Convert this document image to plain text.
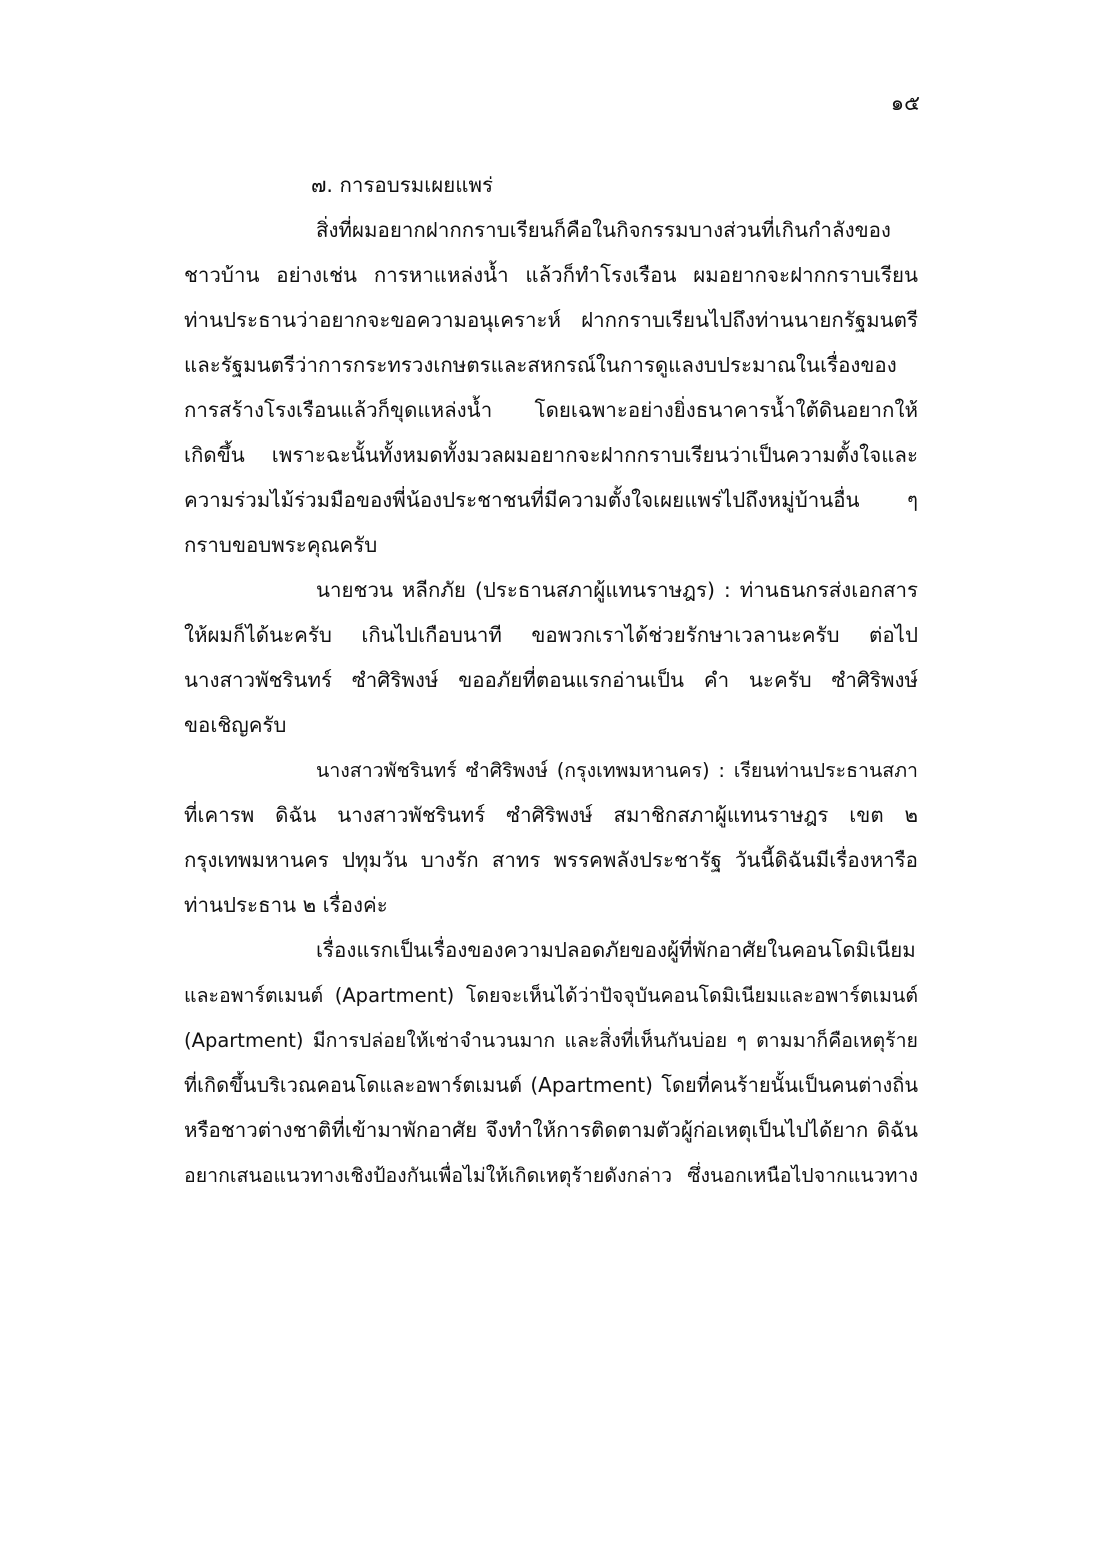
๑๕
๗. การอบรมเผยแพร่
สิ่งที่ผมอยากฝากกราบเรียนก็คือในกิจกรรมบางส่วนที่เกินกำลังของ
ชาวบ้าน อย่างเช่น การหาแหล่งน้ำ แล้วก็ทำโรงเรือน ผมอยากจะฝากกราบเรียน
ท่านประธานว่าอยากจะขอความอนุเคราะห์ ฝากกราบเรียนไปถึงท่านนายกรัฐมนตรี
และรัฐมนตรีว่าการกระทรวงเกษตรและสหกรณ์ในการดูแลงบประมาณในเรื่องของ
การสร้างโรงเรือนแล้วก็ขุดแหล่งน้ำ โดยเฉพาะอย่างยิ่งธนาคารน้ำใต้ดินอยากให้
เกิดขึ้น เพราะฉะนั้นทั้งหมดทั้งมวลผมอยากจะฝากกราบเรียนว่าเป็นความตั้งใจและ
ความร่วมไม้ร่วมมือของพี่น้องประชาชนที่มีความตั้งใจเผยแพร่ไปถึงหมู่บ้านอื่น ๆ
กราบขอบพระคุณครับ
นายชวน หลีกภัย (ประธานสภาผู้แทนราษฎร) : ท่านธนกรส่งเอกสาร
ให้ผมก็ได้นะครับ เกินไปเกือบนาที ขอพวกเราได้ช่วยรักษาเวลานะครับ ต่อไป
นางสาวพัชรินทร์ ซำศิริพงษ์ ขออภัยที่ตอนแรกอ่านเป็น คำ นะครับ ซำศิริพงษ์
ขอเชิญครับ
นางสาวพัชรินทร์ ซำศิริพงษ์ (กรุงเทพมหานคร) : เรียนท่านประธานสภา
ที่เคารพ ดิฉัน นางสาวพัชรินทร์ ซำศิริพงษ์ สมาชิกสภาผู้แทนราษฎร เขต ๒
กรุงเทพมหานคร ปทุมวัน บางรัก สาทร พรรคพลังประชารัฐ วันนี้ดิฉันมีเรื่องหารือ
ท่านประธาน ๒ เรื่องค่ะ
เรื่องแรกเป็นเรื่องของความปลอดภัยของผู้ที่พักอาศัยในคอนโดมิเนียม
และอพาร์ตเมนต์ (Apartment) โดยจะเห็นได้ว่าปัจจุบันคอนโดมิเนียมและอพาร์ตเมนต์
(Apartment) มีการปล่อยให้เช่าจำนวนมาก และสิ่งที่เห็นกันบ่อย ๆ ตามมาก็คือเหตุร้าย
ที่เกิดขึ้นบริเวณคอนโดและอพาร์ตเมนต์ (Apartment) โดยที่คนร้ายนั้นเป็นคนต่างถิ่น
หรือชาวต่างชาติที่เข้ามาพักอาศัย จึงทำให้การติดตามตัวผู้ก่อเหตุเป็นไปได้ยาก ดิฉัน
อยากเสนอแนวทางเชิงป้องกันเพื่อไม่ให้เกิดเหตุร้ายดังกล่าว ซึ่งนอกเหนือไปจากแนวทาง
